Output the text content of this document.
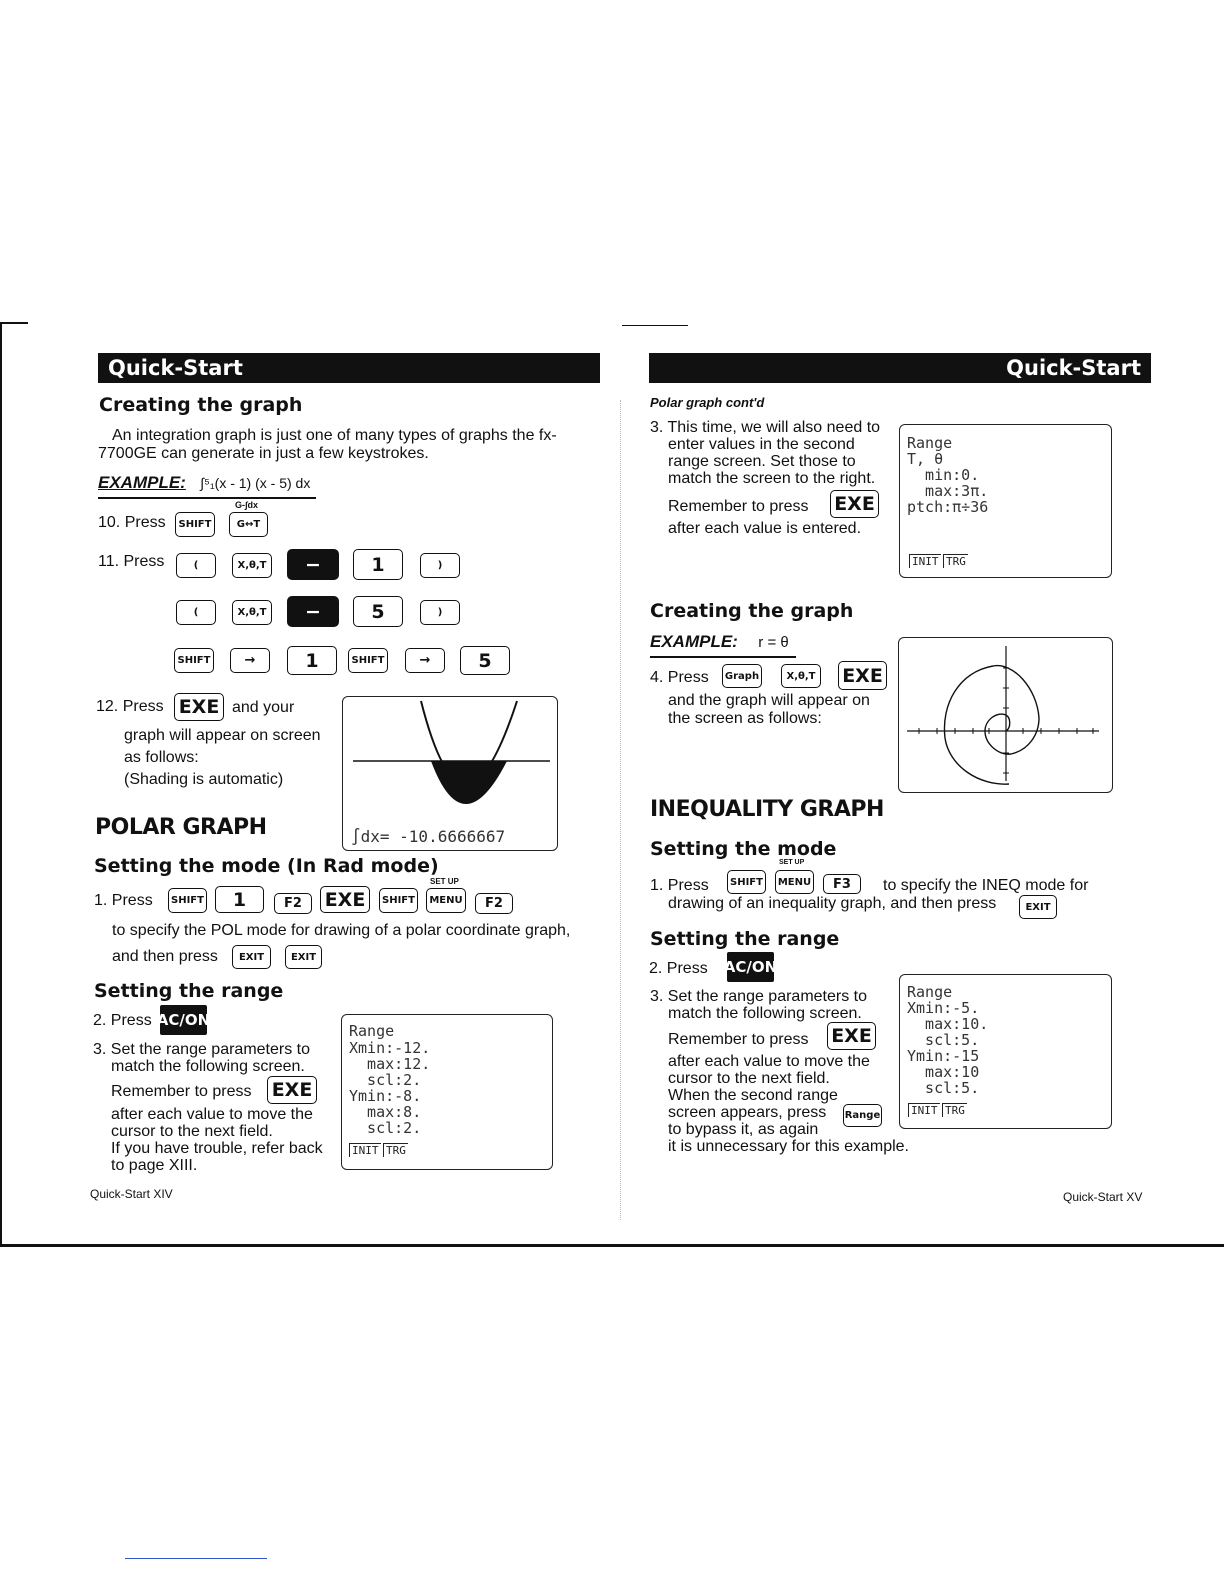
Quick-Start
Creating the graph
An integration graph is just one of many types of graphs the fx-7700GE can generate in just a few keystrokes.
EXAMPLE: ∫⁵₁(x - 1) (x - 5) dx
10. Press
G-∫dx
SHIFT	G↔T
11. Press	(	X,θ,T	−	1	)
(	X,θ,T	−	5	)
SHIFT	→	1	SHIFT	→	5
12. Press EXE and your
graph will appear on screen
as follows:
(Shading is automatic)
∫dx= -10.6666667
POLAR GRAPH
Setting the mode (In Rad mode)
1. Press	SHIFT	1	F2	EXE	SHIFT
SET UP
MENU	F2
to specify the POL mode for drawing of a polar coordinate graph,
and then press	EXIT	EXIT
Setting the range
2. Press AC/ON
3. Set the range parameters to
match the following screen.
Remember to press EXE
after each value to move the
cursor to the next field.
If you have trouble, refer back
to page XIII.
Range
Xmin:-12.
max:12.
scl:2.
Ymin:-8.
max:8.
scl:2.
INIT TRG
Quick-Start XIV
Quick-Start
Polar graph cont'd
3. This time, we will also need to
enter values in the second
range screen. Set those to
match the screen to the right.
Remember to press EXE
after each value is entered.
Range
T, θ
min:0.
max:3π.
ptch:π÷36
INIT TRG
Creating the graph
EXAMPLE: r = θ
4. Press Graph	X,θ,T EXE
and the graph will appear on
the screen as follows:
INEQUALITY GRAPH
Setting the mode
1. Press	SHIFT
SET UP
MENU	F3	to specify the INEQ mode for
drawing of an inequality graph, and then press	EXIT
Setting the range
2. Press AC/ON
3. Set the range parameters to
match the following screen.
Remember to press EXE
after each value to move the
cursor to the next field.
When the second range
screen appears, press Range
to bypass it, as again
it is unnecessary for this example.
Range
Xmin:-5.
max:10.
scl:5.
Ymin:-15
max:10
scl:5.
INIT TRG
Quick-Start XV
